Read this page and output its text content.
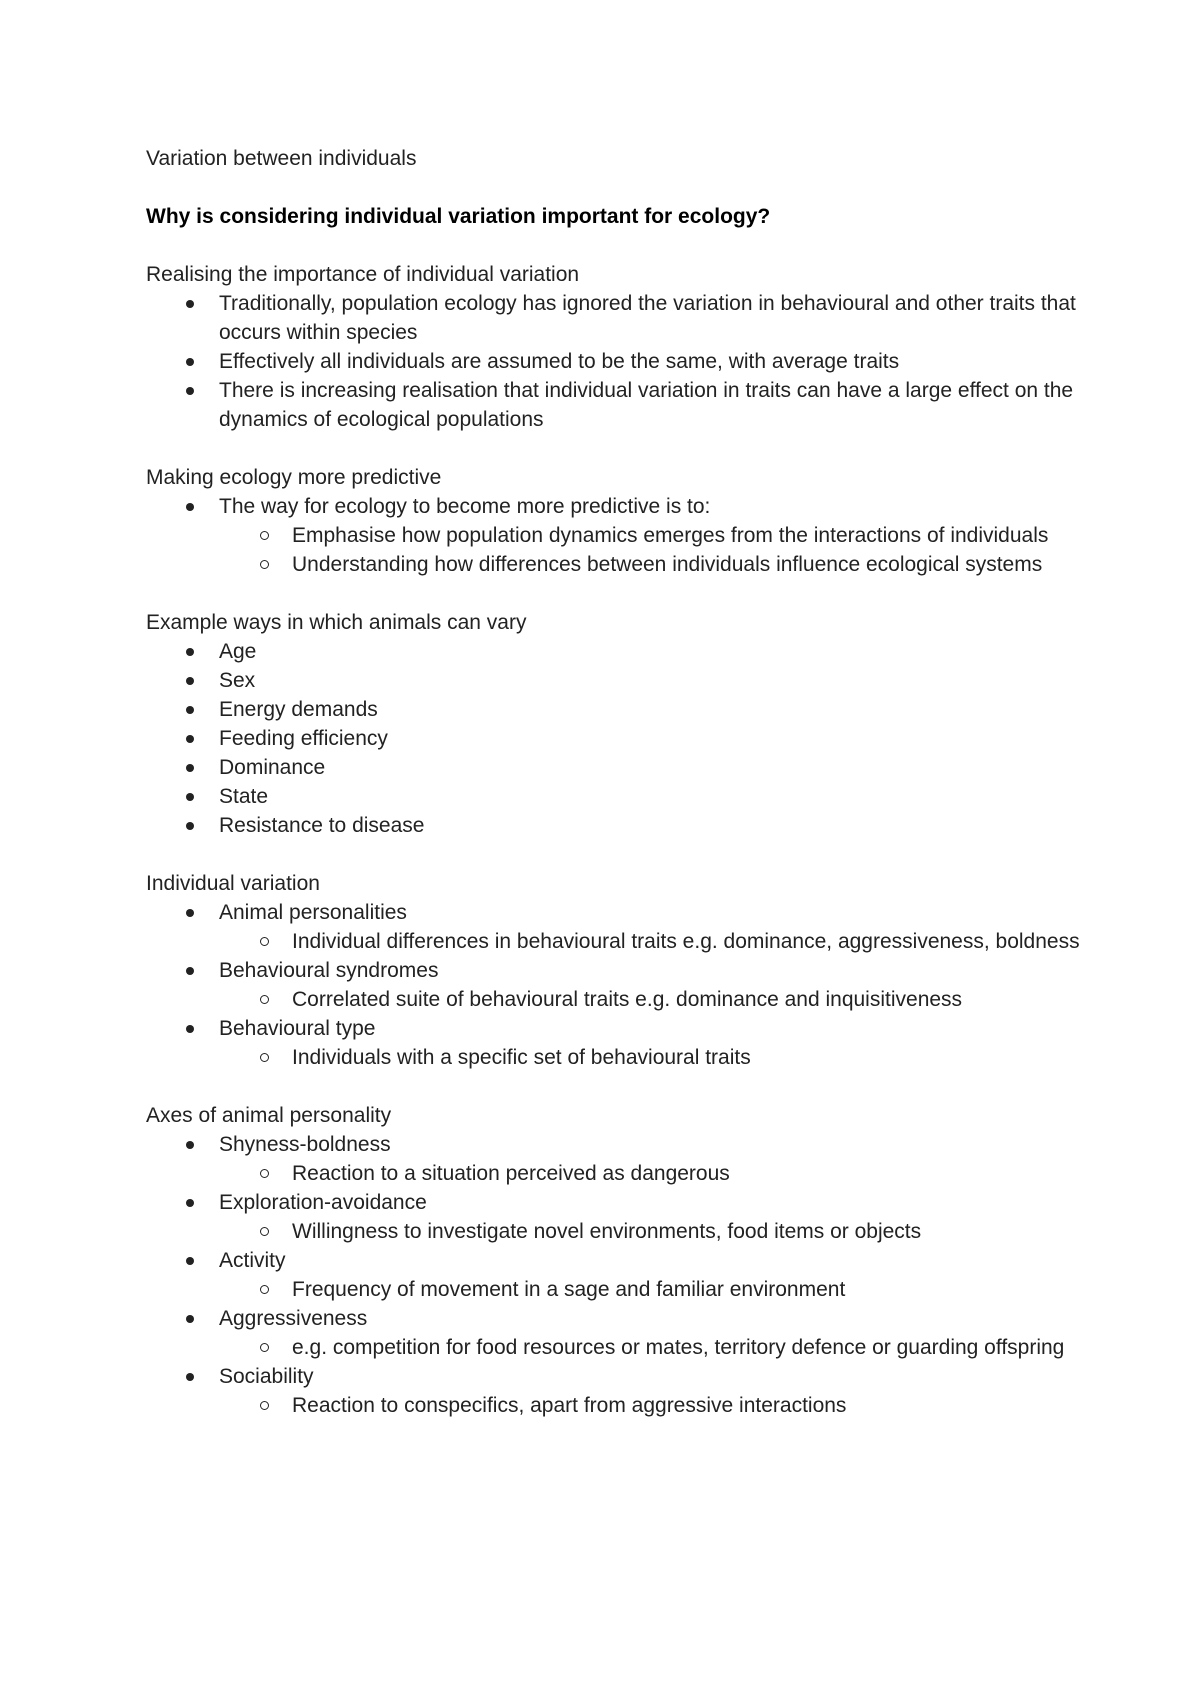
Variation between individuals

Why is considering individual variation important for ecology?

Realising the importance of individual variation

Traditionally, population ecology has ignored the variation in behavioural and other traits that occurs within species
Effectively all individuals are assumed to be the same, with average traits
There is increasing realisation that individual variation in traits can have a large effect on the dynamics of ecological populations

Making ecology more predictive

The way for ecology to become more predictive is to:
Emphasise how population dynamics emerges from the interactions of individuals
Understanding how differences between individuals influence ecological systems

Example ways in which animals can vary

Age
Sex
Energy demands
Feeding efficiency
Dominance
State
Resistance to disease

Individual variation

Animal personalities
Individual differences in behavioural traits e.g. dominance, aggressiveness, boldness
Behavioural syndromes
Correlated suite of behavioural traits e.g. dominance and inquisitiveness
Behavioural type
Individuals with a specific set of behavioural traits

Axes of animal personality

Shyness-boldness
Reaction to a situation perceived as dangerous
Exploration-avoidance
Willingness to investigate novel environments, food items or objects
Activity
Frequency of movement in a sage and familiar environment
Aggressiveness
e.g. competition for food resources or mates, territory defence or guarding offspring
Sociability
Reaction to conspecifics, apart from aggressive interactions
